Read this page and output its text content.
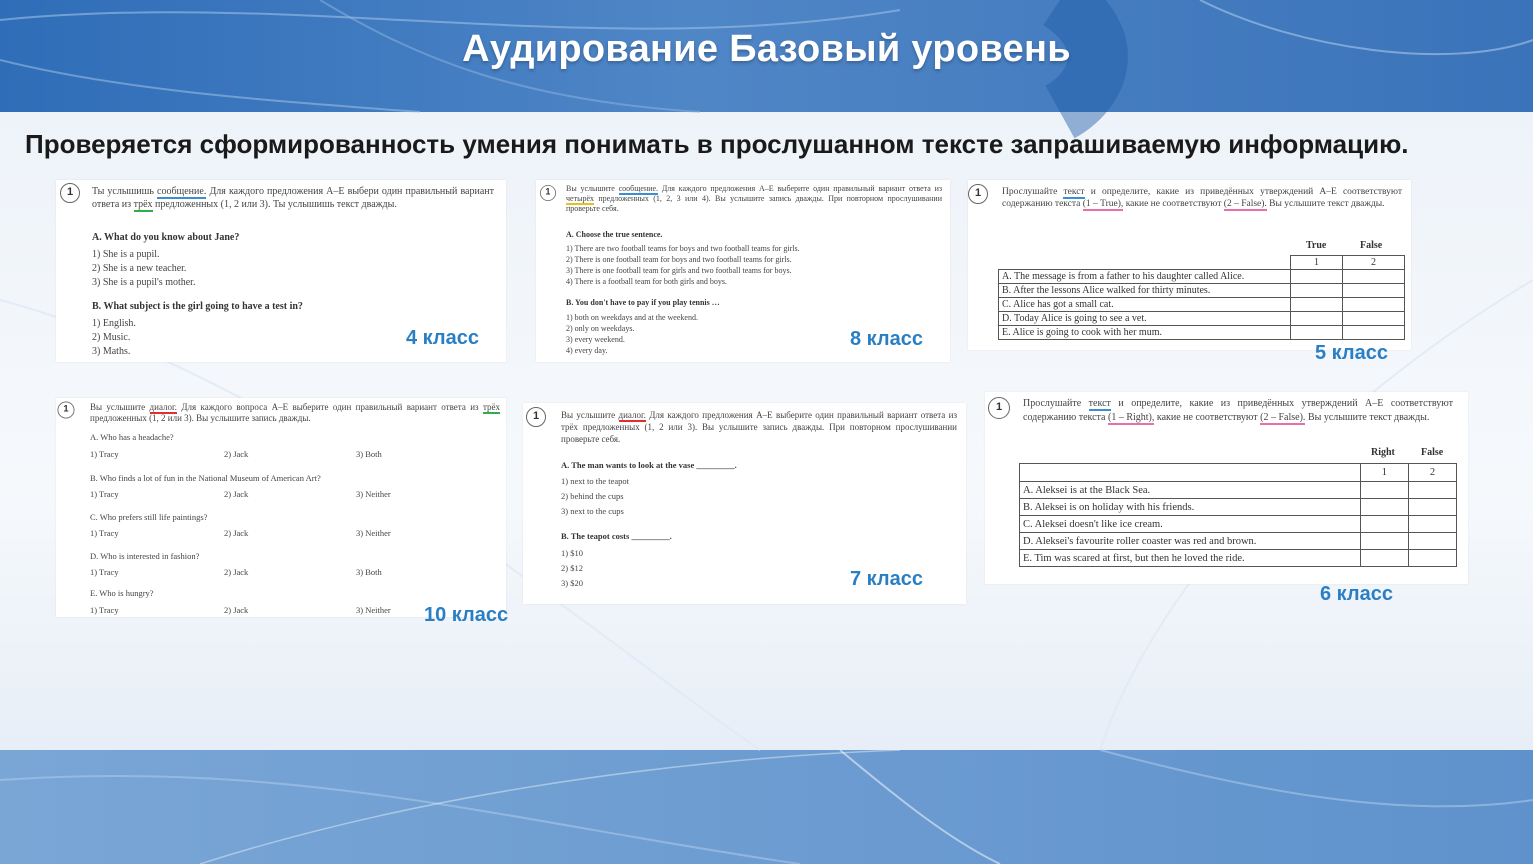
Аудирование Базовый уровень
Проверяется сформированность умения понимать в прослушанном тексте запрашиваемую информацию.
1	Ты услышишь сообщение. Для каждого предложения А–Е выбери один правильный вариант ответа из трёх предложенных (1, 2 или 3). Ты услышишь текст дважды.
A. What do you know about Jane?
1) She is a pupil.
2) She is a new teacher.
3) She is a pupil's mother.
B. What subject is the girl going to have a test in?
1) English.
2) Music.
3) Maths.
4 класс
1	Вы услышите сообщение. Для каждого предложения A–E выберите один правильный вариант ответа из четырёх предложенных (1, 2, 3 или 4). Вы услышите запись дважды. При повторном прослушивании проверьте себя.
A. Choose the true sentence.
1) There are two football teams for boys and two football teams for girls.
2) There is one football team for boys and two football teams for girls.
3) There is one football team for girls and two football teams for boys.
4) There is a football team for both girls and boys.
B. You don't have to pay if you play tennis …
1) both on weekdays and at the weekend.
2) only on weekdays.
3) every weekend.
4) every day.
8 класс
1	Прослушайте текст и определите, какие из приведённых утверждений А–Е соответствуют содержанию текста (1 – True), какие не соответствуют (2 – False). Вы услышите текст дважды.
True	False
	1	2
A. The message is from a father to his daughter called Alice.		
B. After the lessons Alice walked for thirty minutes.		
C. Alice has got a small cat.		
D. Today Alice is going to see a vet.		
E. Alice is going to cook with her mum.		
5 класс
1	Вы услышите диалог. Для каждого вопроса A–E выберите один правильный вариант ответа из трёх предложенных (1, 2 или 3). Вы услышите запись дважды.
A. Who has a headache?
1) Tracy	2) Jack	3) Both
B. Who finds a lot of fun in the National Museum of American Art?
1) Tracy	2) Jack	3) Neither
C. Who prefers still life paintings?
1) Tracy	2) Jack	3) Neither
D. Who is interested in fashion?
1) Tracy	2) Jack	3) Both
E. Who is hungry?
1) Tracy	2) Jack	3) Neither 10 класс
1	Вы услышите диалог. Для каждого предложения A–E выберите один правильный вариант ответа из трёх предложенных (1, 2 или 3). Вы услышите запись дважды. При повторном прослушивании проверьте себя.
A. The man wants to look at the vase _________.
1) next to the teapot
2) behind the cups
3) next to the cups
B. The teapot costs _________.
1) $10
2) $12
3) $20	7 класс
1	Прослушайте текст и определите, какие из приведённых утверждений А–Е соответствуют содержанию текста (1 – Right), какие не соответствуют (2 – False). Вы услышите текст дважды.
Right	False
	1	2
A. Aleksei is at the Black Sea.		
B. Aleksei is on holiday with his friends.		
C. Aleksei doesn't like ice cream.		
D. Aleksei's favourite roller coaster was red and brown.		
E. Tim was scared at first, but then he loved the ride.		
6 класс
